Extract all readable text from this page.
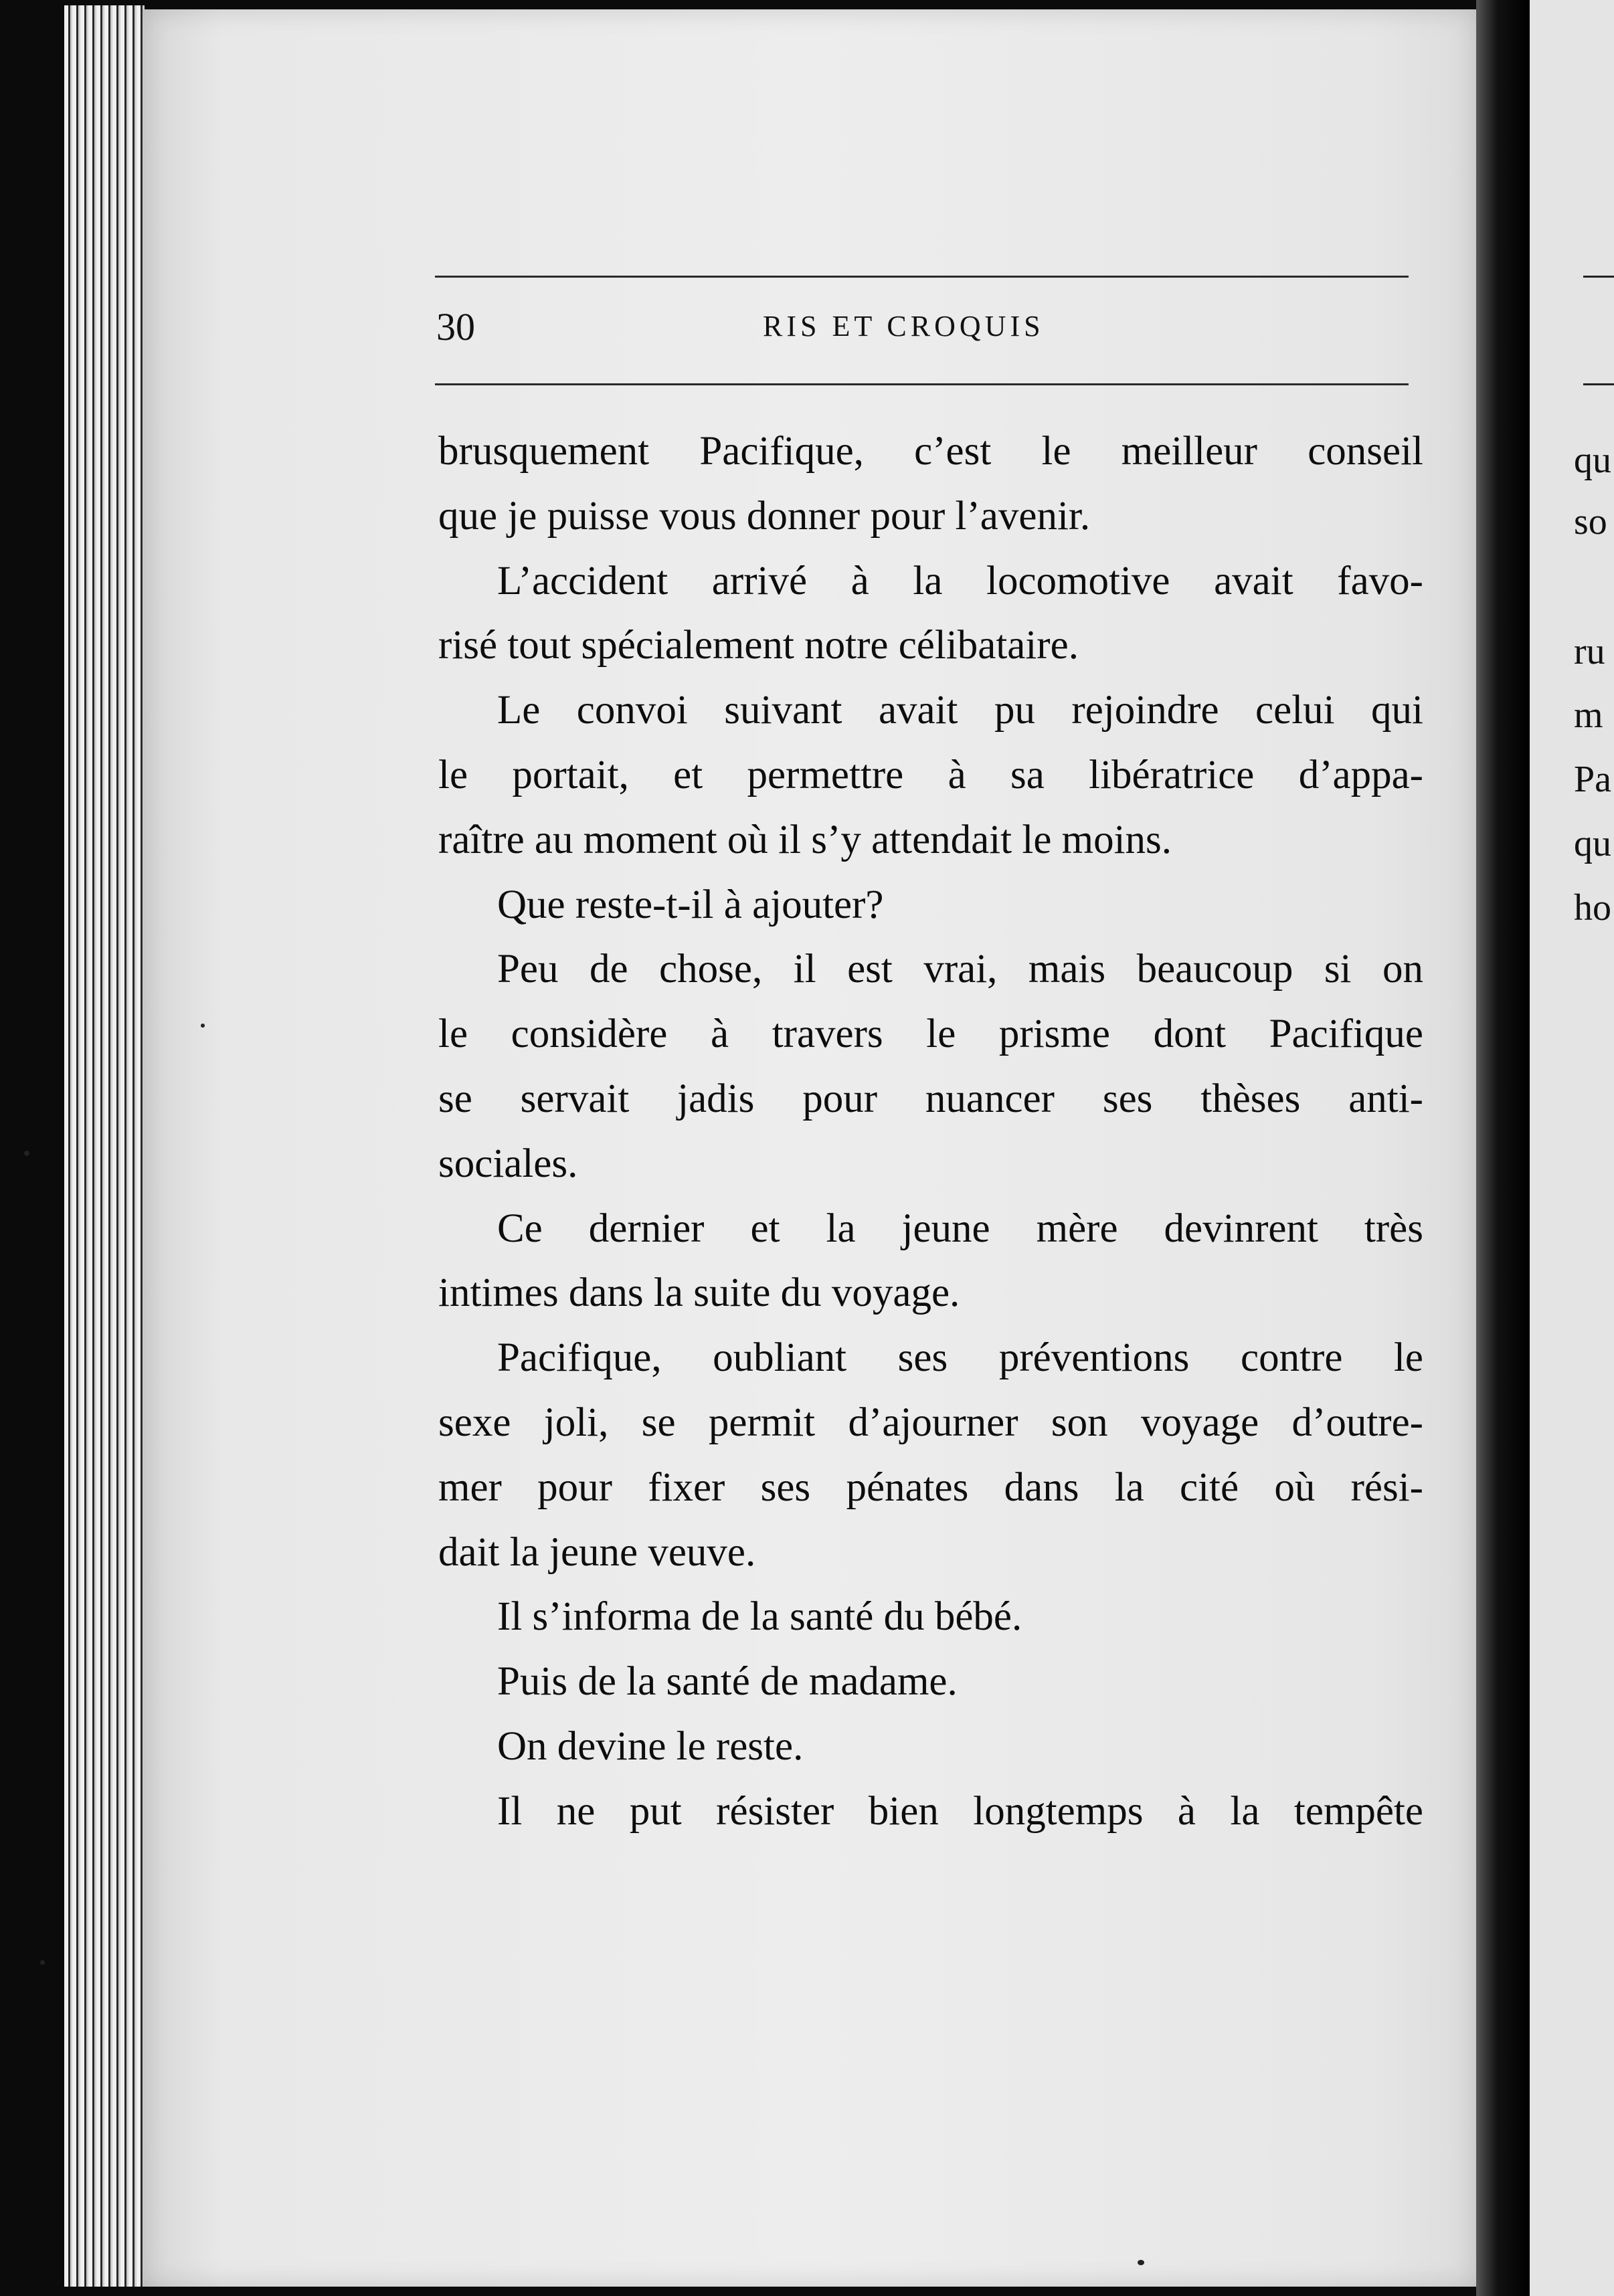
30	RIS ET CROQUIS
brusquement Pacifique, c’est le meilleur conseil
que je puisse vous donner pour l’avenir.
L’accident arrivé à la locomotive avait favo-
risé tout spécialement notre célibataire.
Le convoi suivant avait pu rejoindre celui qui
le portait, et permettre à sa libératrice d’appa-
raître au moment où il s’y attendait le moins.
Que reste-t-il à ajouter?
Peu de chose, il est vrai, mais beaucoup si on
le considère à travers le prisme dont Pacifique
se servait jadis pour nuancer ses thèses anti-
sociales.
Ce dernier et la jeune mère devinrent très
intimes dans la suite du voyage.
Pacifique, oubliant ses préventions contre le
sexe joli, se permit d’ajourner son voyage d’outre-
mer pour fixer ses pénates dans la cité où rési-
dait la jeune veuve.
Il s’informa de la santé du bébé.
Puis de la santé de madame.
On devine le reste.
Il ne put résister bien longtemps à la tempête
qu
so
ru
m
Pa
qu
ho
